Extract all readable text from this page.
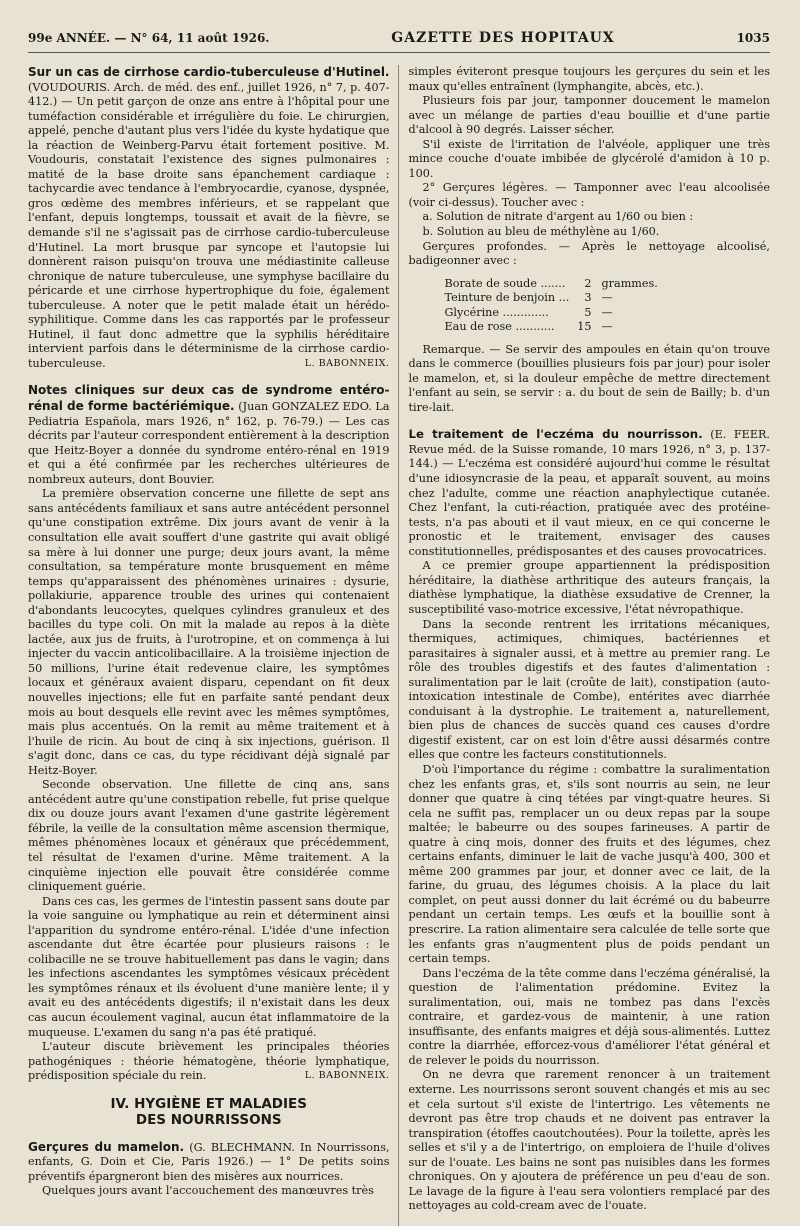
99e ANNÉE. — N° 64, 11 août 1926.	GAZETTE DES HOPITAUX	1035

Sur un cas de cirrhose cardio-tuberculeuse d'Hutinel. (VOUDOURIS. Arch. de méd. des enf., juillet 1926, n° 7, p. 407-412.) — Un petit garçon de onze ans entre à l'hôpital pour une tuméfaction considérable et irrégulière du foie. Le chirurgien, appelé, penche d'autant plus vers l'idée du kyste hydatique que la réaction de Weinberg-Parvu était fortement positive. M. Voudouris, constatait l'existence des signes pulmonaires : matité de la base droite sans épanchement cardiaque : tachycardie avec tendance à l'embryocardie, cyanose, dyspnée, gros œdème des membres inférieurs, et se rappelant que l'enfant, depuis longtemps, toussait et avait de la fièvre, se demande s'il ne s'agissait pas de cirrhose cardio-tuberculeuse d'Hutinel. La mort brusque par syncope et l'autopsie lui donnèrent raison puisqu'on trouva une médiastinite calleuse chronique de nature tuberculeuse, une symphyse bacillaire du péricarde et une cirrhose hypertrophique du foie, également tuberculeuse. A noter que le petit malade était un hérédo-syphilitique. Comme dans les cas rapportés par le professeur Hutinel, il faut donc admettre que la syphilis héréditaire intervient parfois dans le déterminisme de la cirrhose cardio-tuberculeuse.	L. BABONNEIX.

Notes cliniques sur deux cas de syndrome entéro-rénal de forme bactériémique. (Juan GONZALEZ EDO. La Pediatria Española, mars 1926, n° 162, p. 76-79.) — Les cas décrits par l'auteur correspondent entièrement à la description que Heitz-Boyer a donnée du syndrome entéro-rénal en 1919 et qui a été confirmée par les recherches ultérieures de nombreux auteurs, dont Bouvier.

La première observation concerne une fillette de sept ans sans antécédents familiaux et sans autre antécédent personnel qu'une constipation extrême. Dix jours avant de venir à la consultation elle avait souffert d'une gastrite qui avait obligé sa mère à lui donner une purge; deux jours avant, la même consultation, sa température monte brusquement en même temps qu'apparaissent des phénomènes urinaires : dysurie, pollakiurie, apparence trouble des urines qui contenaient d'abondants leucocytes, quelques cylindres granuleux et des bacilles du type coli. On mit la malade au repos à la diète lactée, aux jus de fruits, à l'urotropine, et on commença à lui injecter du vaccin anticolibacillaire. A la troisième injection de 50 millions, l'urine était redevenue claire, les symptômes locaux et généraux avaient disparu, cependant on fit deux nouvelles injections; elle fut en parfaite santé pendant deux mois au bout desquels elle revint avec les mêmes symptômes, mais plus accentués. On la remit au même traitement et à l'huile de ricin. Au bout de cinq à six injections, guérison. Il s'agit donc, dans ce cas, du type récidivant déjà signalé par Heitz-Boyer.

Seconde observation. Une fillette de cinq ans, sans antécédent autre qu'une constipation rebelle, fut prise quelque dix ou douze jours avant l'examen d'une gastrite légèrement fébrile, la veille de la consultation même ascension thermique, mêmes phénomènes locaux et généraux que précédemment, tel résultat de l'examen d'urine. Même traitement. A la cinquième injection elle pouvait être considérée comme cliniquement guérie.

Dans ces cas, les germes de l'intestin passent sans doute par la voie sanguine ou lymphatique au rein et déterminent ainsi l'apparition du syndrome entéro-rénal. L'idée d'une infection ascendante dut être écartée pour plusieurs raisons : le colibacille ne se trouve habituellement pas dans le vagin; dans les infections ascendantes les symptômes vésicaux précèdent les symptômes rénaux et ils évoluent d'une manière lente; il y avait eu des antécédents digestifs; il n'existait dans les deux cas aucun écoulement vaginal, aucun état inflammatoire de la muqueuse. L'examen du sang n'a pas été pratiqué.

L'auteur discute brièvement les principales théories pathogéniques : théorie hématogène, théorie lymphatique, prédisposition spéciale du rein.	L. BABONNEIX.

IV. HYGIÈNE ET MALADIES
DES NOURRISSONS

Gerçures du mamelon. (G. BLECHMANN. In Nourrissons, enfants, G. Doin et Cie, Paris 1926.) — 1° De petits soins préventifs épargneront bien des misères aux nourrices.

Quelques jours avant l'accouchement des manœuvres très

simples éviteront presque toujours les gerçures du sein et les maux qu'elles entraînent (lymphangite, abcès, etc.).

Plusieurs fois par jour, tamponner doucement le mamelon avec un mélange de parties d'eau bouillie et d'une partie d'alcool à 90 degrés. Laisser sécher.

S'il existe de l'irritation de l'alvéole, appliquer une très mince couche d'ouate imbibée de glycérolé d'amidon à 10 p. 100.

2° Gerçures légères. — Tamponner avec l'eau alcoolisée (voir ci-dessus). Toucher avec :

a. Solution de nitrate d'argent au 1/60 ou bien :

b. Solution au bleu de méthylène au 1/60.

Gerçures profondes. — Après le nettoyage alcoolisé, badigeonner avec :

Borate de soude .......	2	grammes.
Teinture de benjoin ...	3	—
Glycérine .............	5	—
Eau de rose ...........	15	—

Remarque. — Se servir des ampoules en étain qu'on trouve dans le commerce (bouillies plusieurs fois par jour) pour isoler le mamelon, et, si la douleur empêche de mettre directement l'enfant au sein, se servir : a. du bout de sein de Bailly; b. d'un tire-lait.

Le traitement de l'eczéma du nourrisson. (E. FEER. Revue méd. de la Suisse romande, 10 mars 1926, n° 3, p. 137-144.) — L'eczéma est considéré aujourd'hui comme le résultat d'une idiosyncrasie de la peau, et apparaît souvent, au moins chez l'adulte, comme une réaction anaphylectique cutanée. Chez l'enfant, la cuti-réaction, pratiquée avec des protéine-tests, n'a pas abouti et il vaut mieux, en ce qui concerne le pronostic et le traitement, envisager des causes constitutionnelles, prédisposantes et des causes provocatrices.

A ce premier groupe appartiennent la prédisposition héréditaire, la diathèse arthritique des auteurs français, la diathèse lymphatique, la diathèse exsudative de Crenner, la susceptibilité vaso-motrice excessive, l'état névropathique.

Dans la seconde rentrent les irritations mécaniques, thermiques, actimiques, chimiques, bactériennes et parasitaires à signaler aussi, et à mettre au premier rang. Le rôle des troubles digestifs et des fautes d'alimentation : suralimentation par le lait (croûte de lait), constipation (auto-intoxication intestinale de Combe), entérites avec diarrhée conduisant à la dystrophie. Le traitement a, naturellement, bien plus de chances de succès quand ces causes d'ordre digestif existent, car on est loin d'être aussi désarmés contre elles que contre les facteurs constitutionnels.

D'où l'importance du régime : combattre la suralimentation chez les enfants gras, et, s'ils sont nourris au sein, ne leur donner que quatre à cinq tétées par vingt-quatre heures. Si cela ne suffit pas, remplacer un ou deux repas par la soupe maltée; le babeurre ou des soupes farineuses. A partir de quatre à cinq mois, donner des fruits et des légumes, chez certains enfants, diminuer le lait de vache jusqu'à 400, 300 et même 200 grammes par jour, et donner avec ce lait, de la farine, du gruau, des légumes choisis. A la place du lait complet, on peut aussi donner du lait écrémé ou du babeurre pendant un certain temps. Les œufs et la bouillie sont à prescrire. La ration alimentaire sera calculée de telle sorte que les enfants gras n'augmentent plus de poids pendant un certain temps.

Dans l'eczéma de la tête comme dans l'eczéma généralisé, la question de l'alimentation prédomine. Evitez la suralimentation, oui, mais ne tombez pas dans l'excès contraire, et gardez-vous de maintenir, à une ration insuffisante, des enfants maigres et déjà sous-alimentés. Luttez contre la diarrhée, efforcez-vous d'améliorer l'état général et de relever le poids du nourrisson.

On ne devra que rarement renoncer à un traitement externe. Les nourrissons seront souvent changés et mis au sec et cela surtout s'il existe de l'intertrigo. Les vêtements ne devront pas être trop chauds et ne doivent pas entraver la transpiration (étoffes caoutchoutées). Pour la toilette, après les selles et s'il y a de l'intertrigo, on emploiera de l'huile d'olives sur de l'ouate. Les bains ne sont pas nuisibles dans les formes chroniques. On y ajoutera de préférence un peu d'eau de son. Le lavage de la figure à l'eau sera volontiers remplacé par des nettoyages au cold-cream avec de l'ouate.
